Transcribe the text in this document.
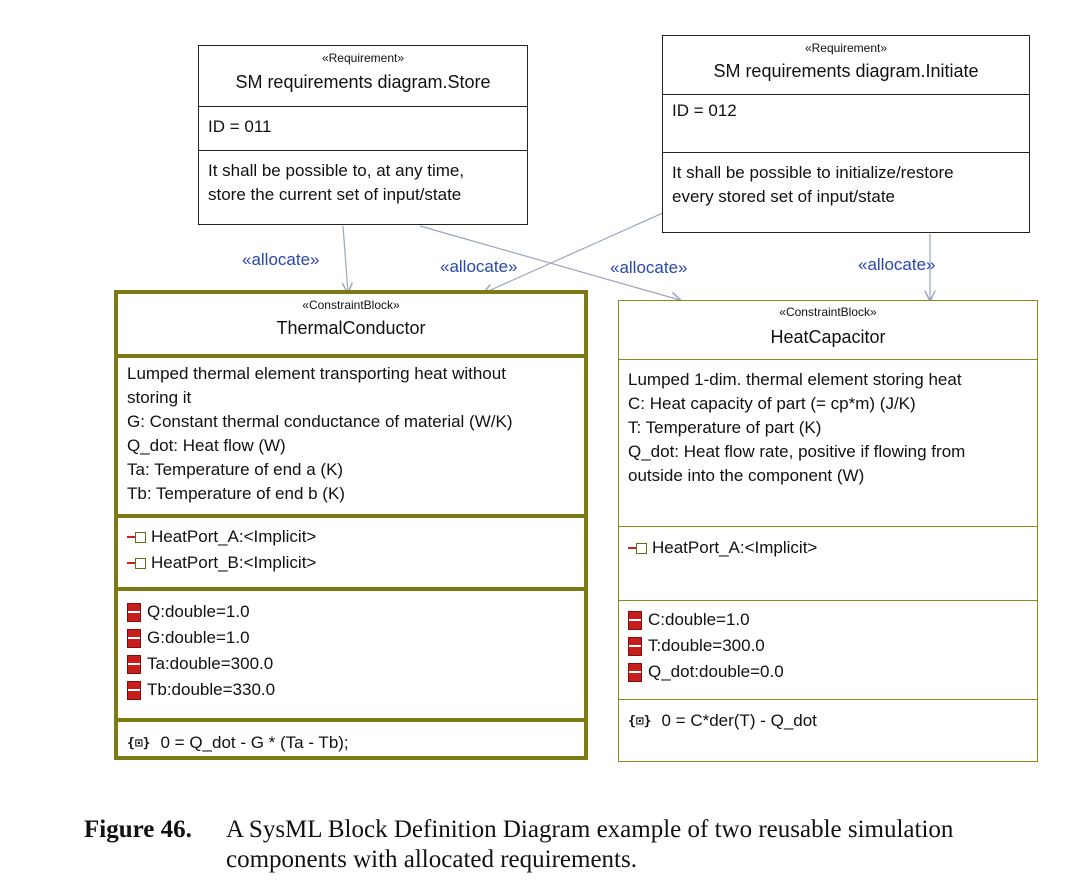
«Requirement»
SM requirements diagram.Store
ID = 011
It shall be possible to, at any time,
store the current set of input/state
«Requirement»
SM requirements diagram.Initiate
ID = 012
It shall be possible to initialize/restore
every stored set of input/state
«allocate»	«allocate»	«allocate»	«allocate»
«ConstraintBlock»
ThermalConductor
Lumped thermal element transporting heat without
storing it
G: Constant thermal conductance of material (W/K)
Q_dot: Heat flow (W)
Ta: Temperature of end a (K)
Tb: Temperature of end b (K)
HeatPort_A:<Implicit>
HeatPort_B:<Implicit>
Q:double=1.0
G:double=1.0
Ta:double=300.0
Tb:double=330.0
{⊡} 0 = Q_dot - G * (Ta - Tb);
«ConstraintBlock»
HeatCapacitor
Lumped 1-dim. thermal element storing heat
C: Heat capacity of part (= cp*m) (J/K)
T: Temperature of part (K)
Q_dot: Heat flow rate, positive if flowing from
outside into the component (W)
HeatPort_A:<Implicit>
C:double=1.0
T:double=300.0
Q_dot:double=0.0
{⊡} 0 = C*der(T) - Q_dot
Figure 46. A SysML Block Definition Diagram example of two reusable simulation
components with allocated requirements.
